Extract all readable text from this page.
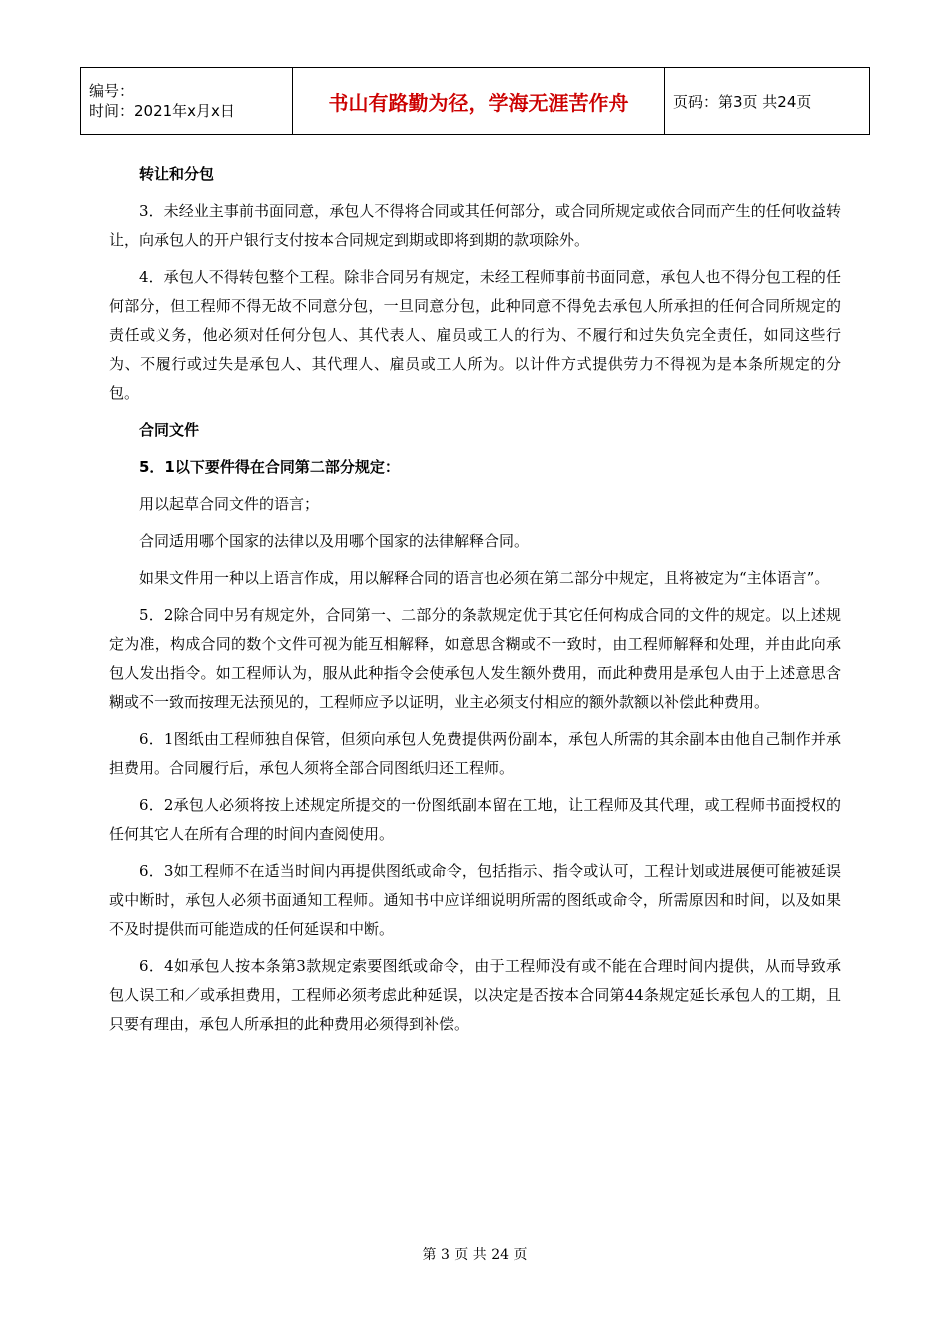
编号：
时间：2021年x月x日	书山有路勤为径，学海无涯苦作舟	页码：第3页 共24页

转让和分包

3．未经业主事前书面同意，承包人不得将合同或其任何部分，或合同所规定或依合同而产生的任何收益转让，向承包人的开户银行支付按本合同规定到期或即将到期的款项除外。

4．承包人不得转包整个工程。除非合同另有规定，未经工程师事前书面同意，承包人也不得分包工程的任何部分，但工程师不得无故不同意分包，一旦同意分包，此种同意不得免去承包人所承担的任何合同所规定的责任或义务，他必须对任何分包人、其代表人、雇员或工人的行为、不履行和过失负完全责任，如同这些行为、不履行或过失是承包人、其代理人、雇员或工人所为。以计件方式提供劳力不得视为是本条所规定的分包。

合同文件

5．1以下要件得在合同第二部分规定：

用以起草合同文件的语言；

合同适用哪个国家的法律以及用哪个国家的法律解释合同。

如果文件用一种以上语言作成，用以解释合同的语言也必须在第二部分中规定，且将被定为“主体语言”。

5．2除合同中另有规定外，合同第一、二部分的条款规定优于其它任何构成合同的文件的规定。以上述规定为准，构成合同的数个文件可视为能互相解释，如意思含糊或不一致时，由工程师解释和处理，并由此向承包人发出指令。如工程师认为，服从此种指令会使承包人发生额外费用，而此种费用是承包人由于上述意思含糊或不一致而按理无法预见的，工程师应予以证明，业主必须支付相应的额外款额以补偿此种费用。

6．1图纸由工程师独自保管，但须向承包人免费提供两份副本，承包人所需的其余副本由他自己制作并承担费用。合同履行后，承包人须将全部合同图纸归还工程师。

6．2承包人必须将按上述规定所提交的一份图纸副本留在工地，让工程师及其代理，或工程师书面授权的任何其它人在所有合理的时间内查阅使用。

6．3如工程师不在适当时间内再提供图纸或命令，包括指示、指令或认可，工程计划或进展便可能被延误或中断时，承包人必须书面通知工程师。通知书中应详细说明所需的图纸或命令，所需原因和时间，以及如果不及时提供而可能造成的任何延误和中断。

6．4如承包人按本条第3款规定索要图纸或命令，由于工程师没有或不能在合理时间内提供，从而导致承包人误工和／或承担费用，工程师必须考虑此种延误，以决定是否按本合同第44条规定延长承包人的工期，且只要有理由，承包人所承担的此种费用必须得到补偿。

第 3 页 共 24 页
